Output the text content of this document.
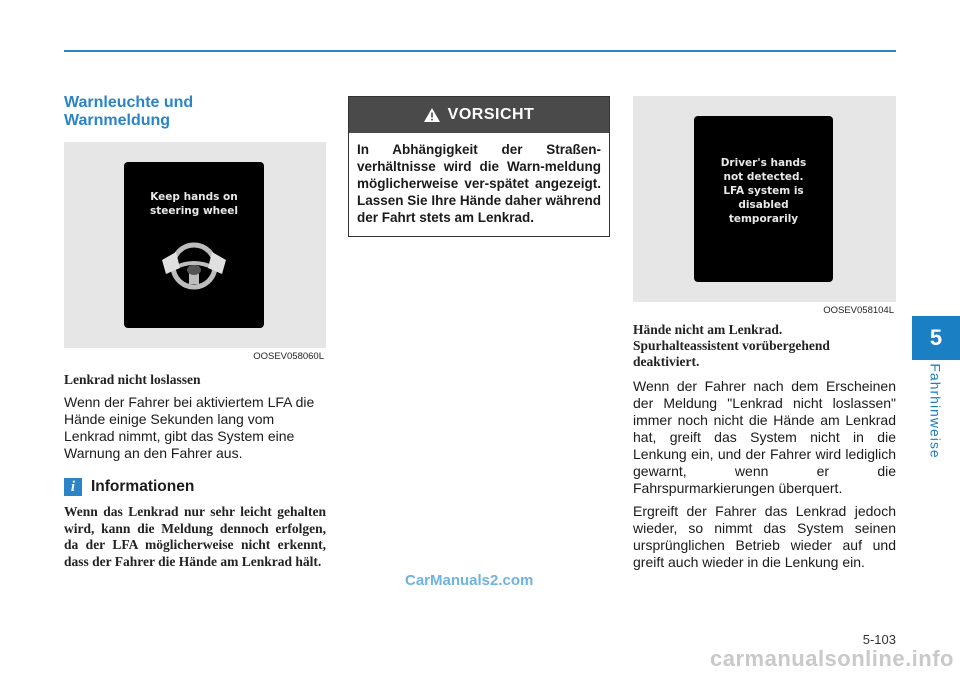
5
Fahrhinweise
Warnleuchte und
Warnmeldung
Keep hands on
steering wheel
OOSEV058060L

Lenkrad nicht loslassen

Wenn der Fahrer bei aktiviertem LFA die Hände einige Sekunden lang vom Lenkrad nimmt, gibt das System eine Warnung an den Fahrer aus.

i	Informationen

Wenn das Lenkrad nur sehr leicht gehalten wird, kann die Meldung dennoch erfolgen, da der LFA möglicherweise nicht erkennt, dass der Fahrer die Hände am Lenkrad hält.

VORSICHT
In Abhängigkeit der Straßen-verhältnisse wird die Warn-meldung möglicherweise ver-spätet angezeigt. Lassen Sie Ihre Hände daher während der Fahrt stets am Lenkrad.
Driver's hands
not detected.
LFA system is
disabled
temporarily
OOSEV058104L

Hände nicht am Lenkrad.
Spurhalteassistent vorübergehend
deaktiviert.

Wenn der Fahrer nach dem Erscheinen der Meldung "Lenkrad nicht loslassen" immer noch nicht die Hände am Lenkrad hat, greift das System nicht in die Lenkung ein, und der Fahrer wird lediglich gewarnt, wenn er die Fahrspurmarkierungen überquert.

Ergreift der Fahrer das Lenkrad jedoch wieder, so nimmt das System seinen ursprünglichen Betrieb wieder auf und greift auch wieder in die Lenkung ein.

CarManuals2.com
5-103
carmanualsonline.info
